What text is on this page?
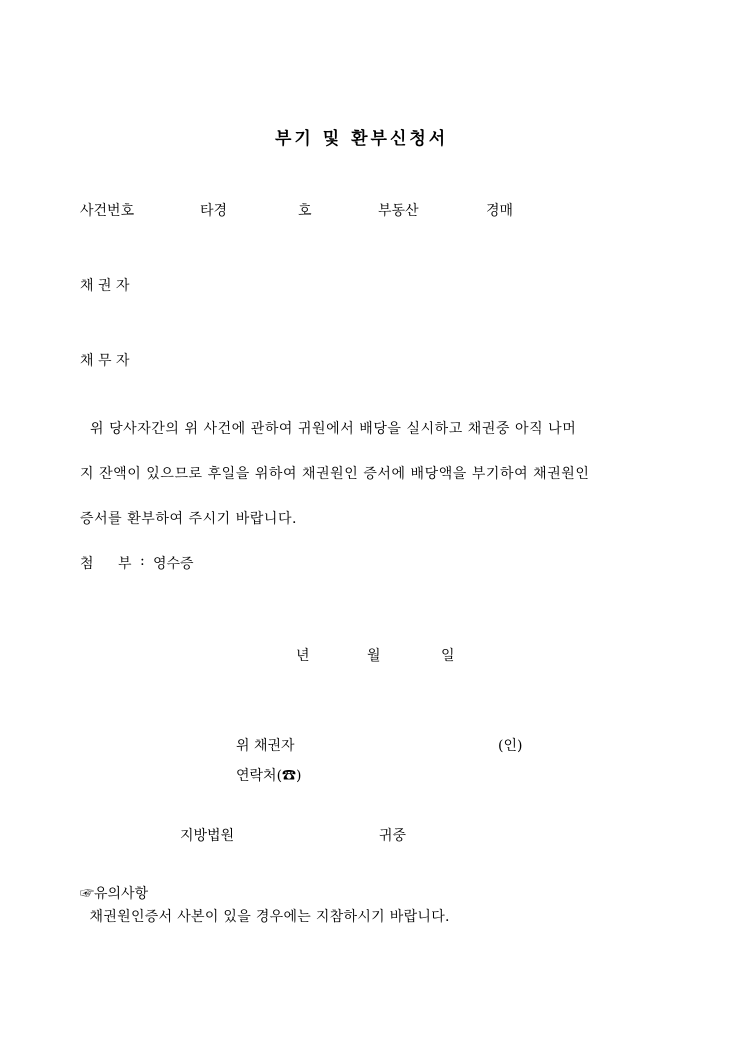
부기 및 환부신청서
사건번호	타경	호	부동산	경매
채 권 자
채 무 자
위 당사자간의 위 사건에 관하여 귀원에서 배당을 실시하고 채권중 아직 나머
지 잔액이 있으므로 후일을 위하여 채권원인 증서에 배당액을 부기하여 채권원인
증서를 환부하여 주시기 바랍니다.
첨 부 : 영수증
년	월	일
위 채권자	(인)
연락처(☎)
지방법원	귀중
☞유의사항
채권원인증서 사본이 있을 경우에는 지참하시기 바랍니다.
